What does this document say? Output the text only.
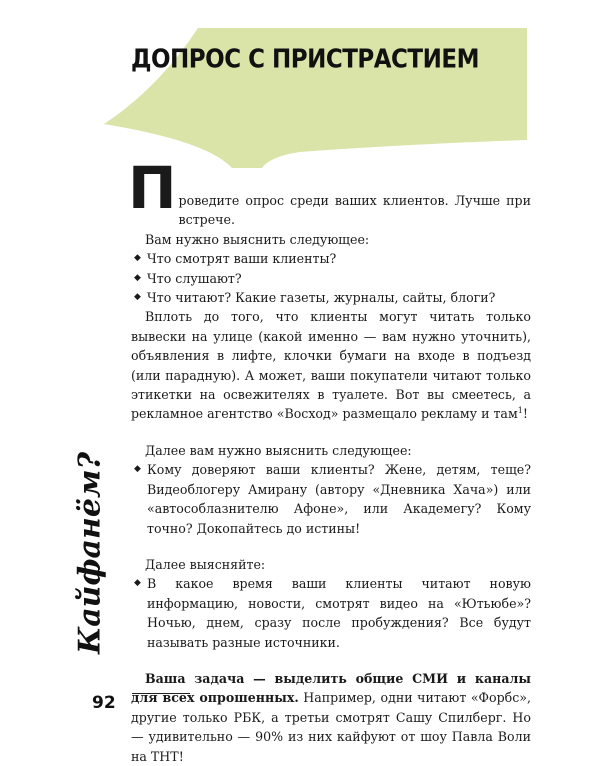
ДОПРОС С ПРИСТРАСТИЕМ
П роведите опрос среди ваших клиентов. Лучше при встрече.

Вам нужно выяснить следующее:

◆ Что смотрят ваши клиенты?
◆ Что слушают?
◆ Что читают? Какие газеты, журналы, сайты, блоги?

Вплоть до того, что клиенты могут читать только вывески на улице (какой именно — вам нужно уточнить), объявления в лифте, клочки бумаги на входе в подъезд (или парадную). А может, ваши покупатели читают только этикетки на освежителях в туалете. Вот вы смеетесь, а рекламное агентство «Восход» размещало рекламу и там$^1$!

Далее вам нужно выяснить следующее:

◆ Кому доверяют ваши клиенты? Жене, детям, теще? Видеоблогеру Амирану (автору «Дневника Хача») или «автособлазнителю Афоне», или Академегу? Кому точно? Докопайтесь до истины!

Далее выясняйте:

◆ В какое время ваши клиенты читают новую информацию, новости, смотрят видео на «Ютьюбе»? Ночью, днем, сразу после пробуждения? Все будут называть разные источники.

Ваша задача — выделить общие СМИ и каналы для всех опрошенных. Например, одни читают «Форбс», другие только РБК, а третьи смотрят Сашу Спилберг. Но — удивительно — 90% из них кайфуют от шоу Павла Воли на ТНТ!

Кайфанём?
92
